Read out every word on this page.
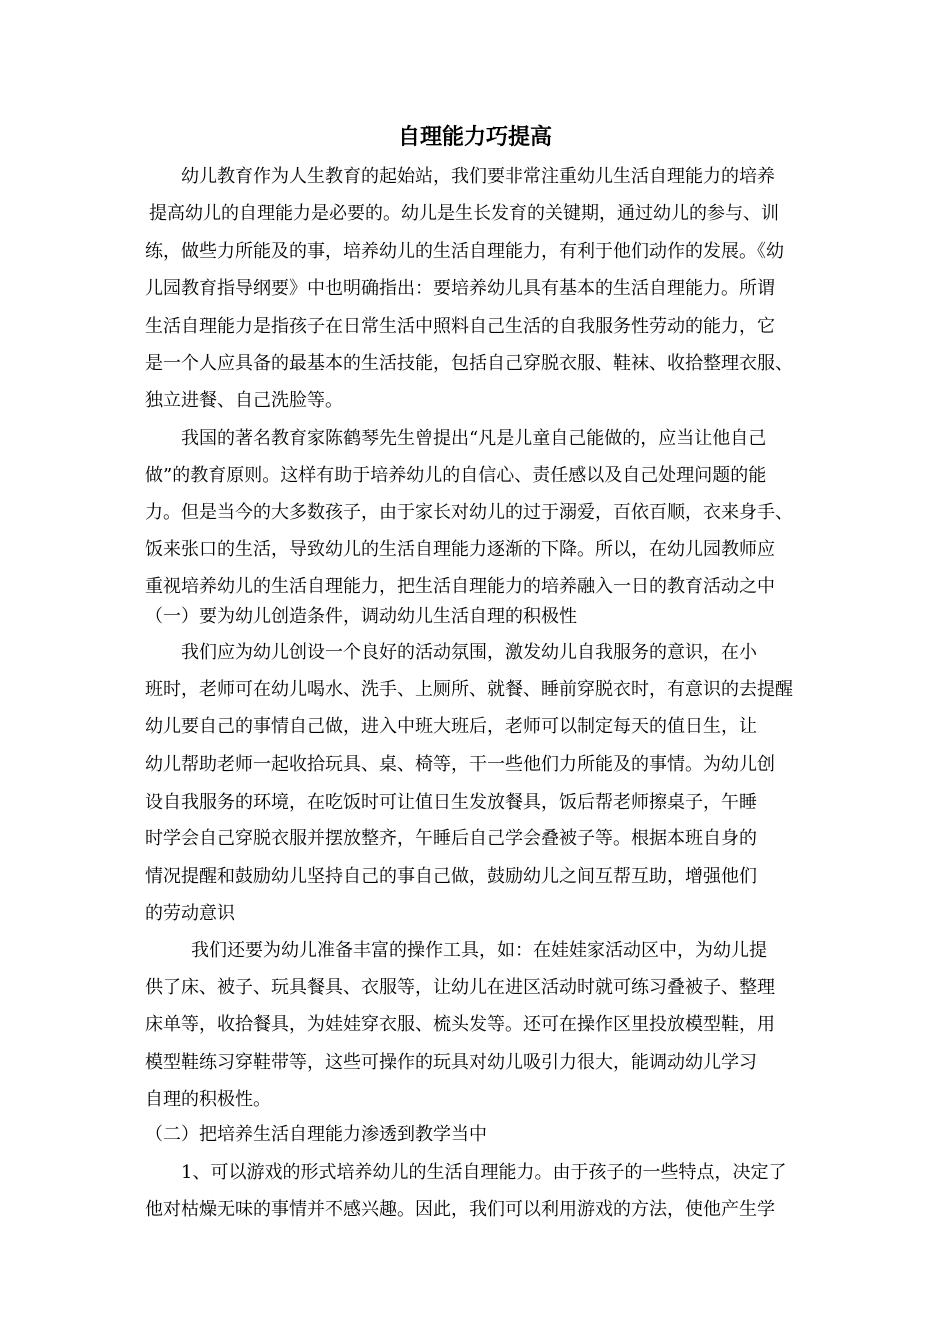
自理能力巧提高
幼儿教育作为人生教育的起始站，我们要非常注重幼儿生活自理能力的培养
提高幼儿的自理能力是必要的。幼儿是生长发育的关键期，通过幼儿的参与、训
练，做些力所能及的事，培养幼儿的生活自理能力，有利于他们动作的发展。《幼
儿园教育指导纲要》中也明确指出：要培养幼儿具有基本的生活自理能力。所谓
生活自理能力是指孩子在日常生活中照料自己生活的自我服务性劳动的能力，它
是一个人应具备的最基本的生活技能，包括自己穿脱衣服、鞋袜、收拾整理衣服、
独立进餐、自己洗脸等。
我国的著名教育家陈鹤琴先生曾提出“凡是儿童自己能做的，应当让他自己
做”的教育原则。这样有助于培养幼儿的自信心、责任感以及自己处理问题的能
力。但是当今的大多数孩子，由于家长对幼儿的过于溺爱，百依百顺，衣来身手、
饭来张口的生活，导致幼儿的生活自理能力逐渐的下降。所以，在幼儿园教师应
重视培养幼儿的生活自理能力，把生活自理能力的培养融入一日的教育活动之中
（一）要为幼儿创造条件，调动幼儿生活自理的积极性
我们应为幼儿创设一个良好的活动氛围，激发幼儿自我服务的意识，在小
班时，老师可在幼儿喝水、洗手、上厕所、就餐、睡前穿脱衣时，有意识的去提醒
幼儿要自己的事情自己做，进入中班大班后，老师可以制定每天的值日生，让
幼儿帮助老师一起收拾玩具、桌、椅等，干一些他们力所能及的事情。为幼儿创
设自我服务的环境，在吃饭时可让值日生发放餐具，饭后帮老师擦桌子，午睡
时学会自己穿脱衣服并摆放整齐，午睡后自己学会叠被子等。根据本班自身的
情况提醒和鼓励幼儿坚持自己的事自己做，鼓励幼儿之间互帮互助，增强他们
的劳动意识
我们还要为幼儿准备丰富的操作工具，如：在娃娃家活动区中，为幼儿提
供了床、被子、玩具餐具、衣服等，让幼儿在进区活动时就可练习叠被子、整理
床单等，收拾餐具，为娃娃穿衣服、梳头发等。还可在操作区里投放模型鞋，用
模型鞋练习穿鞋带等，这些可操作的玩具对幼儿吸引力很大，能调动幼儿学习
自理的积极性。
（二）把培养生活自理能力渗透到教学当中
1、可以游戏的形式培养幼儿的生活自理能力。由于孩子的一些特点，决定了
他对枯燥无味的事情并不感兴趣。因此，我们可以利用游戏的方法，使他产生学
